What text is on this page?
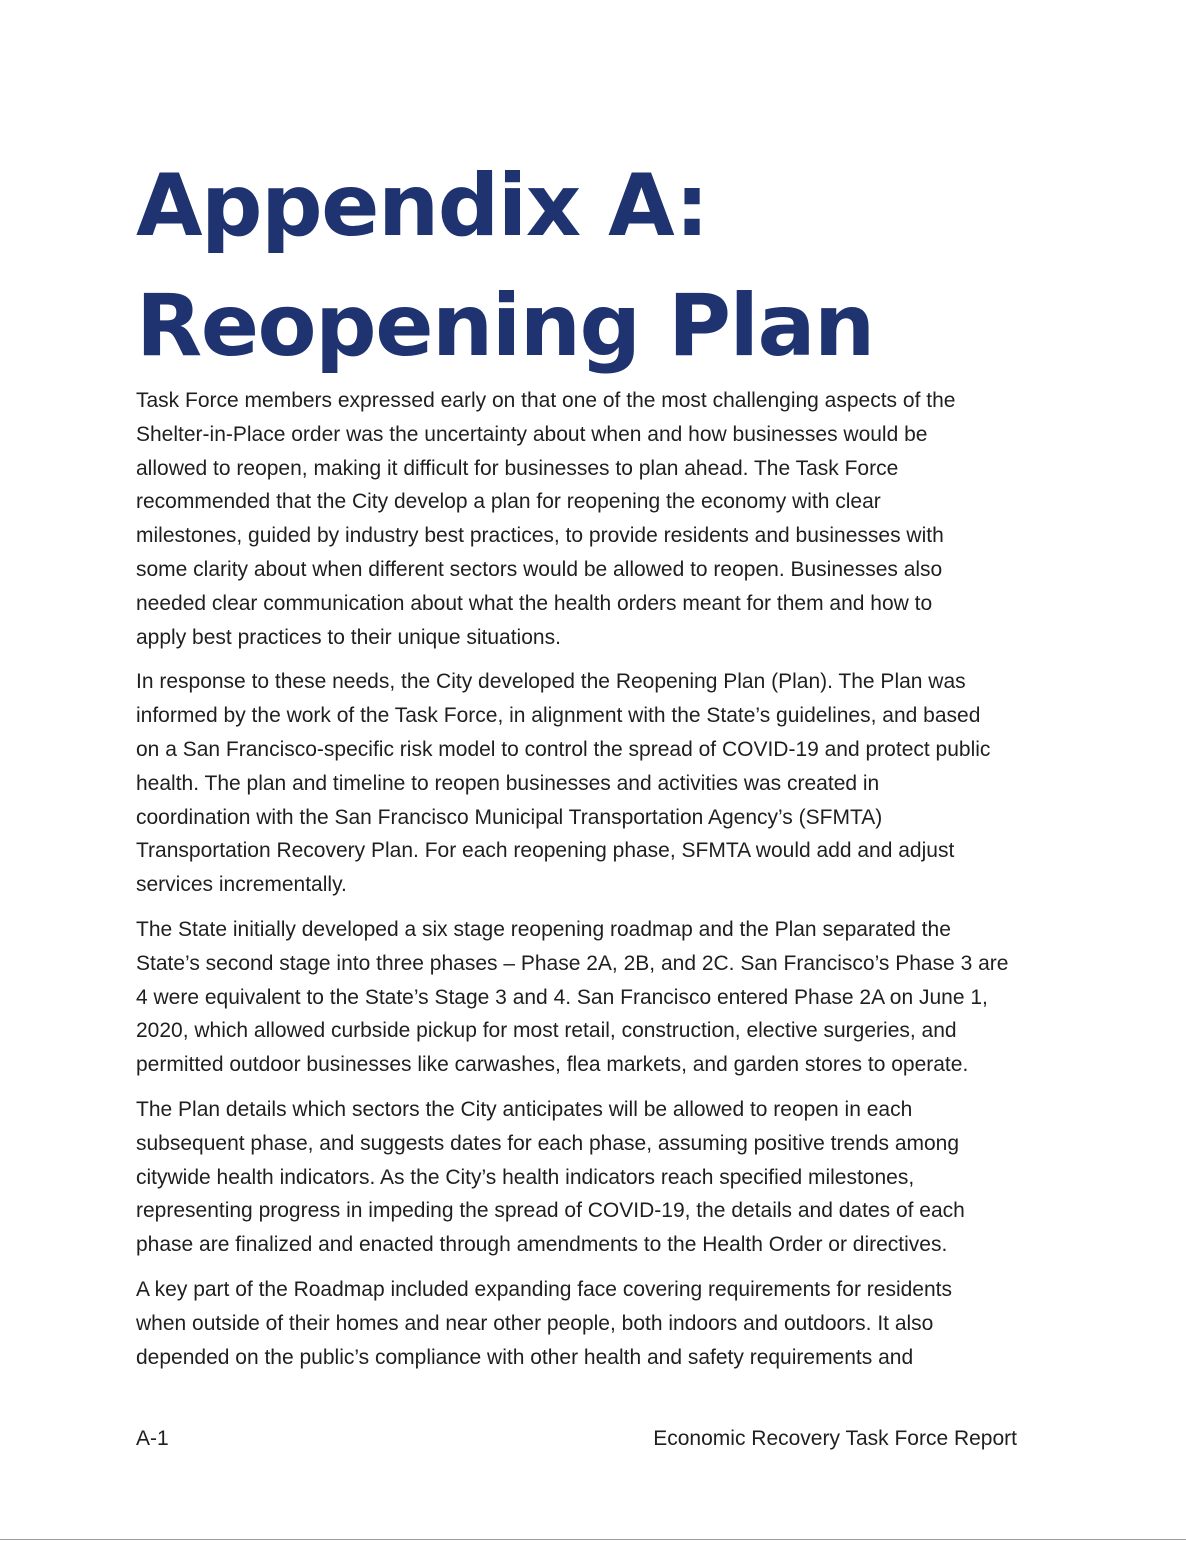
Appendix A:
Reopening Plan

Task Force members expressed early on that one of the most challenging aspects of the
Shelter-in-Place order was the uncertainty about when and how businesses would be
allowed to reopen, making it difficult for businesses to plan ahead. The Task Force
recommended that the City develop a plan for reopening the economy with clear
milestones, guided by industry best practices, to provide residents and businesses with
some clarity about when different sectors would be allowed to reopen. Businesses also
needed clear communication about what the health orders meant for them and how to
apply best practices to their unique situations.

In response to these needs, the City developed the Reopening Plan (Plan). The Plan was
informed by the work of the Task Force, in alignment with the State’s guidelines, and based
on a San Francisco-specific risk model to control the spread of COVID-19 and protect public
health. The plan and timeline to reopen businesses and activities was created in
coordination with the San Francisco Municipal Transportation Agency’s (SFMTA)
Transportation Recovery Plan. For each reopening phase, SFMTA would add and adjust
services incrementally.

The State initially developed a six stage reopening roadmap and the Plan separated the
State’s second stage into three phases – Phase 2A, 2B, and 2C. San Francisco’s Phase 3 are
4 were equivalent to the State’s Stage 3 and 4. San Francisco entered Phase 2A on June 1,
2020, which allowed curbside pickup for most retail, construction, elective surgeries, and
permitted outdoor businesses like carwashes, flea markets, and garden stores to operate.

The Plan details which sectors the City anticipates will be allowed to reopen in each
subsequent phase, and suggests dates for each phase, assuming positive trends among
citywide health indicators. As the City’s health indicators reach specified milestones,
representing progress in impeding the spread of COVID-19, the details and dates of each
phase are finalized and enacted through amendments to the Health Order or directives.

A key part of the Roadmap included expanding face covering requirements for residents
when outside of their homes and near other people, both indoors and outdoors. It also
depended on the public’s compliance with other health and safety requirements and

A-1	Economic Recovery Task Force Report
